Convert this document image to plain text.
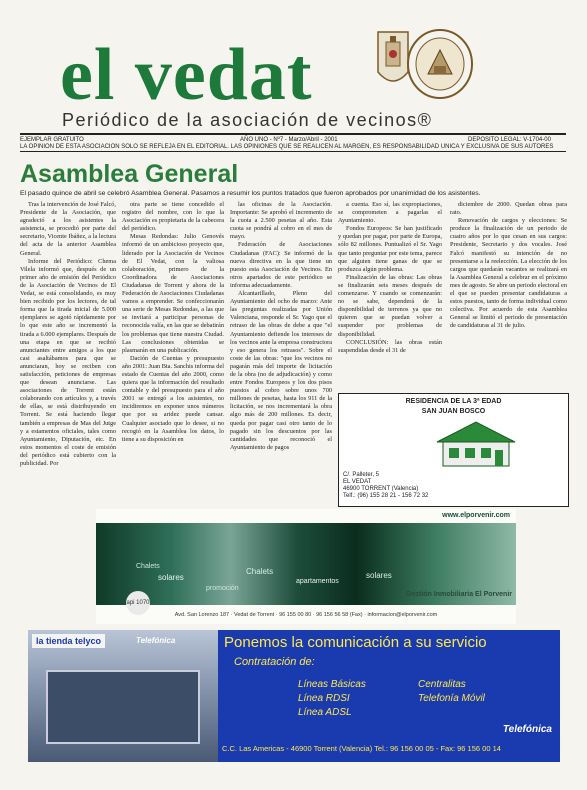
el vedat
Periódico de la asociación de vecinos®
EJEMPLAR GRATUITO	AÑO UNO - Nº7 - Marzo/Abril - 2001	DEPOSITO LEGAL: V-1704-00
LA OPINION DE ESTA ASOCIACION SOLO SE REFLEJA EN EL EDITORIAL. LAS OPINIONES QUE SE REALICEN AL MARGEN, ES RESPONSABILIDAD UNICA Y EXCLUSIVA DE SUS AUTORES
Asamblea General
El pasado quince de abril se celebró Asamblea General. Pasamos a resumir los puntos tratados que fueron aprobados por unanimidad de los asistentes.

Tras la intervención de José Falcó, Presidente de la Asociación, que agradeció a los asistentes la asistencia, se procedió por parte del secretario, Vicente Ibáñez, a la lectura del acta de la anterior Asamblea General.

Informe del Periódico: Chema Vilela informó que, después de un primer año de emisión del Periódico de la Asociación de Vecinos de El Vedat, se está consolidando, es muy bien recibido por los lectores, de tal forma que la tirada inicial de 5.000 ejemplares se agotó rápidamente por lo que este año se incrementó la tirada a 6.000 ejemplares. Después de una etapa en que se recibió anunciantes entre amigos a los que casi asaltábamos para que se anunciaran, hoy se reciben con satisfacción, peticiones de empresas que desean anunciarse. Las asociaciones de Torrent están colaborando con artículos y, a través de ellas, se está distribuyendo en Torrent. Se está haciendo llegar también a empresas de Mas del Jutge y a estamentos oficiales, tales como Ayuntamiento, Diputación, etc. En estos momentos el coste de emisión del periódico está cubierto con la publicidad. Por

otra parte se tiene concedido el registro del nombre, con lo que la Asociación es propietaria de la cabecera del periódico.

Mesas Redondas: Julio Genovés informó de un ambicioso proyecto que, liderado por la Asociación de Vecinos de El Vedat, con la valiosa colaboración, primero de la Coordinadora de Asociaciones Ciudadanas de Torrent y ahora de la Federación de Asociaciones Ciudadanas vamos a emprender. Se confeccionarán una serie de Mesas Redondas, a las que se invitará a participar personas de reconocida valía, en las que se debatirán los problemas que tiene nuestra Ciudad. Las conclusiones obtenidas se plasmarán en una publicación.

Dación de Cuentas y presupuesto año 2001: Juan Bta. Sanchis informa del estado de Cuentas del año 2000, como quiera que la información del resultado contable y del presupuesto para el año 2001 se entregó a los asistentes, no incidiremos en exponer unos números que por su aridez puede cansar. Cualquier asociado que lo desee, si no recogió en la Asamblea los datos, lo tiene a su disposición en

las oficinas de la Asociación. Importante: Se aprobó el incremento de la cuota a 2.500 pesetas al año. Esta cuota se pondrá al cobro en el mes de mayo.

Federación de Asociaciones Ciudadanas (FAC): Se informó de la nueva directiva en la que tiene un puesto esta Asociación de Vecinos. En otros apartados de este periódico se informa adecuadamente.

Alcantarillado, Pleno del Ayuntamiento del ocho de marzo: Ante las preguntas realizadas por Unión Valenciana, responde el Sr. Yago que el retraso de las obras de debe a que "el Ayuntamiento defiende los intereses de los vecinos ante la empresa constructora y eso genera los retrasos". Sobre el coste de las obras: "que los vecinos no pagarán más del importe de licitación de la obra (no de adjudicación) y como entre Fondos Europeos y los dos pisos puestos al cobro sobre unos 700 millones de pesetas, hasta los 911 de la licitación, se nos incrementará la obra algo más de 200 millones. Es decir, queda por pagar casi otro tanto de lo pagado sin los descuentos por las cantidades que reconoció el Ayuntamiento de pagos

a cuenta. Eso sí, las expropiaciones, se comprometen a pagarlas el Ayuntamiento.

Fondos Europeos: Se han justificado y quedan por pagar, por parte de Europa, sólo 82 millones. Puntualizó el Sr. Yago que tanto preguntar por este tema, parece que alguien tiene ganas de que se produzca algún problema.

Finalización de las obras: Las obras se finalizarán seis meses después de comenzarse. Y cuando se comenzarán: no se sabe, dependerá de la disponibilidad de terrenos ya que no quieren que se puedan volver a suspender por problemas de disponibilidad.

CONCLUSIÓN: las obras están suspendidas desde el 31 de

diciembre de 2000. Quedan obras para rato.

Renovación de cargos y elecciones: Se produce la finalización de un periodo de cuatro años por lo que cesan en sus cargos: Presidente, Secretario y dos vocales. José Falcó manifestó su intención de no presentarse a la reelección. La elección de los cargos que quedarán vacantes se realizará en la Asamblea General a celebrar en el próximo mes de agosto. Se abre un periodo electoral en el que se pueden presentar candidaturas a estos puestos, tanto de forma individual como colectiva. Por acuerdo de esta Asamblea General se limitó el periodo de presentación de candidaturas al 31 de julio.

RESIDENCIA DE LA 3ª EDAD
SAN JUAN BOSCO
C/. Palleter, 5
EL VEDAT
46900 TORRENT (Valencia)
Telf.: (96) 155 28 21 - 156 72 32
www.elporvenir.com
Chalets
solares
Chalets
apartamentos
solares
promoción
api 1070
Gestión Inmobiliaria El Porvenir
Avd. San Lorenzo 187 · Vedat de Torrent · 96 155 00 80 · 96 156 56 58 (Fax) · informacion@elporvenir.com
la tienda telyco	Telefónica	Ponemos la comunicación a su servicio
Contratación de:
Líneas Básicas
Línea RDSI
Línea ADSL
Centralitas
Telefonía Móvil
Telefónica
C.C. Las Americas - 46900 Torrent (Valencia) Tel.: 96 156 00 05 - Fax: 96 156 00 14
